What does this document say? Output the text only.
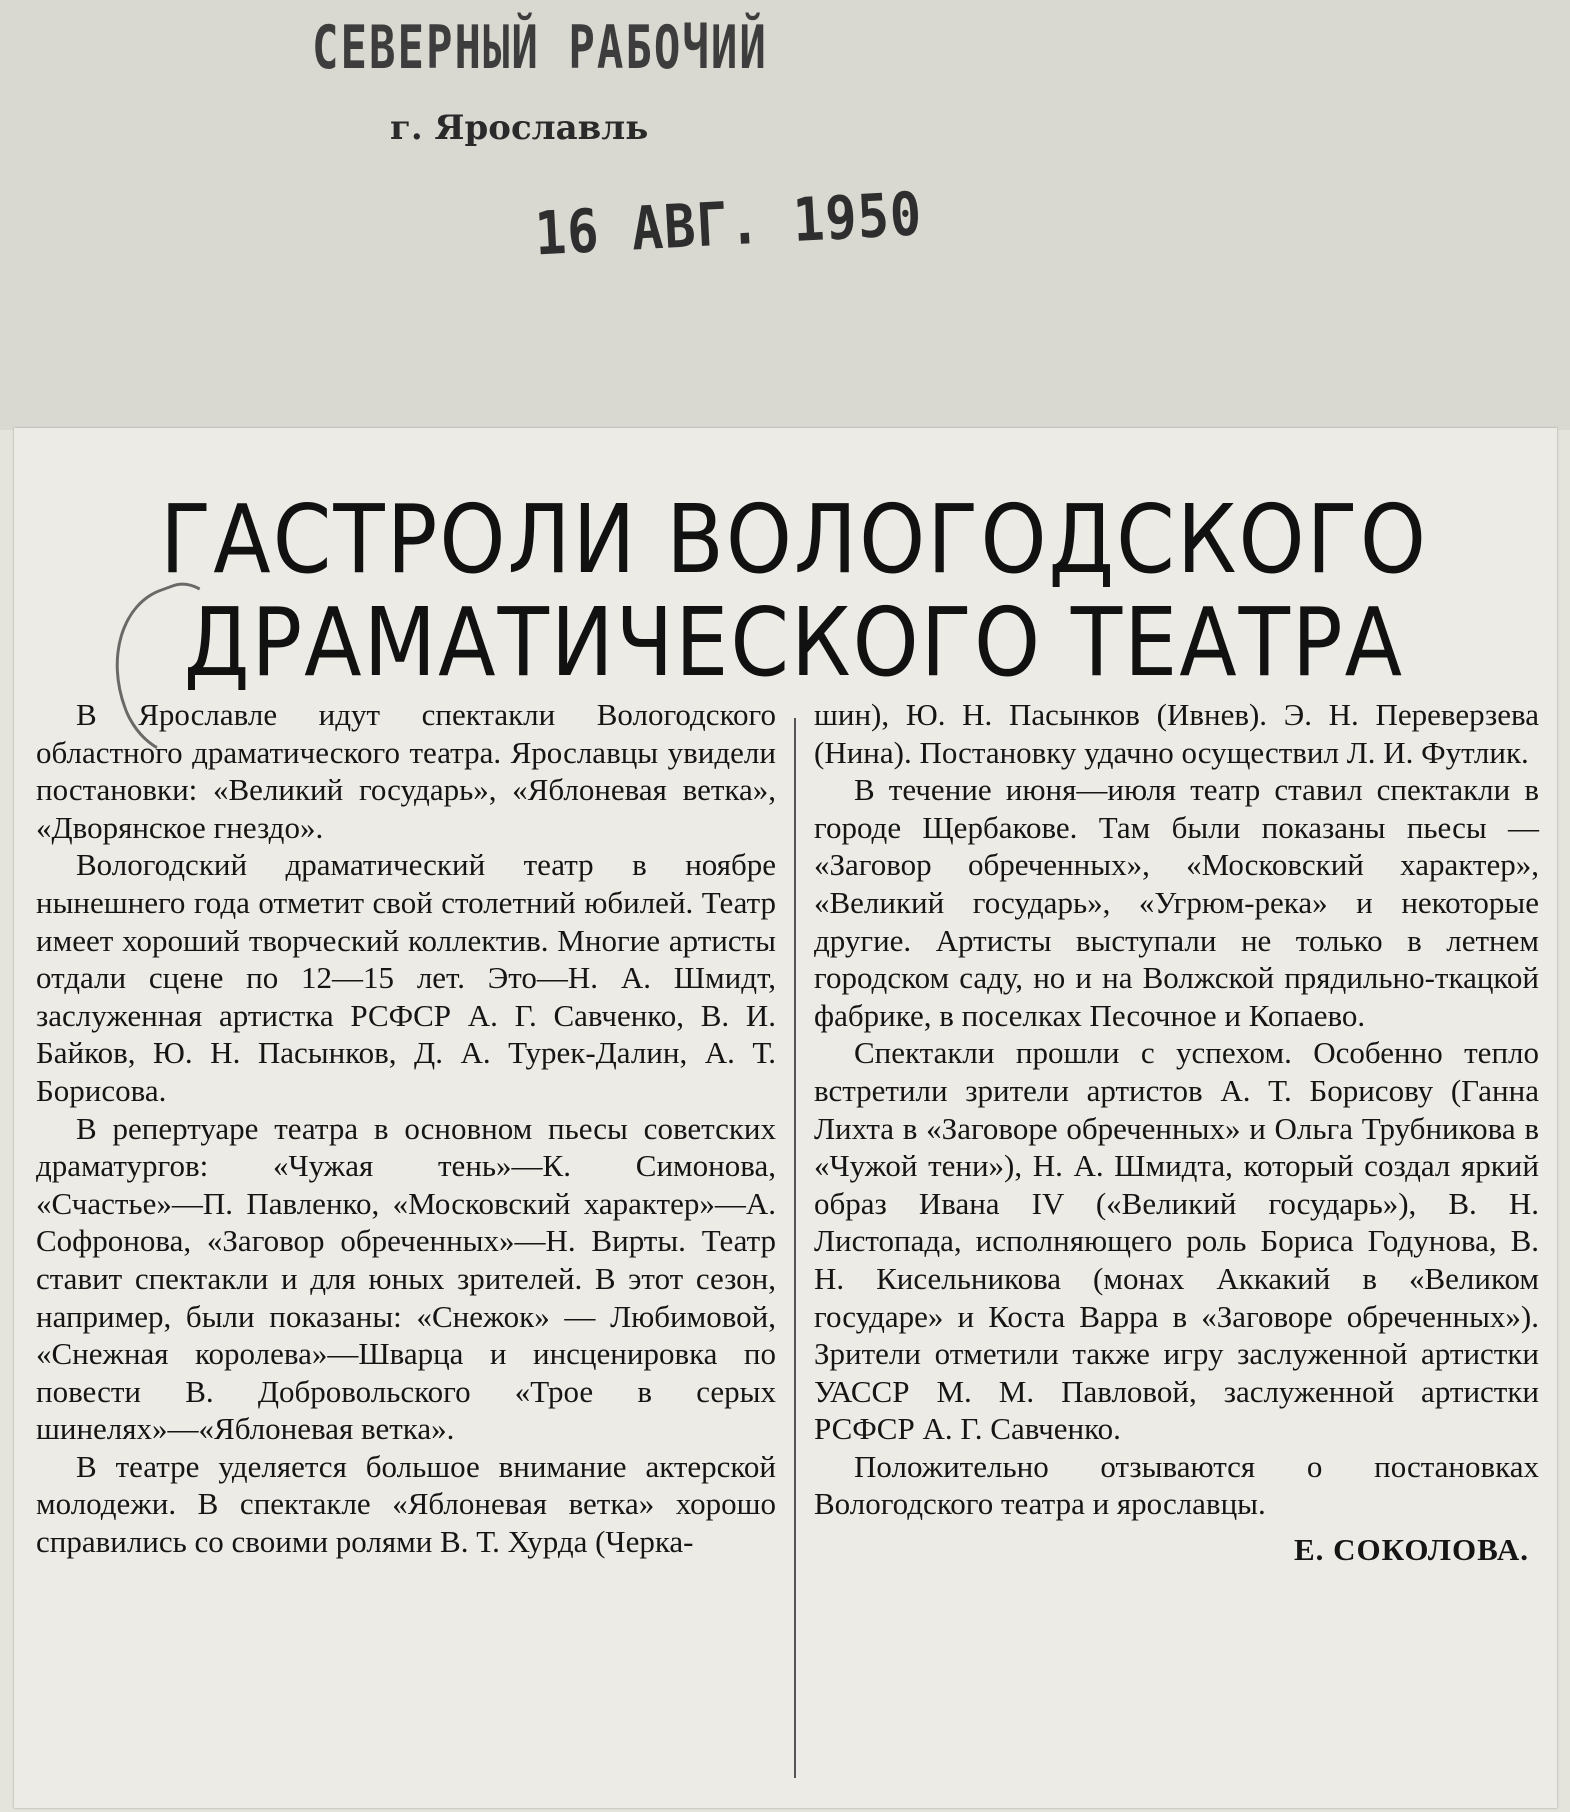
СЕВЕРНЫЙ РАБОЧИЙ
г. Ярославль
16 АВГ. 1950
ГАСТРОЛИ ВОЛОГОДСКОГО
ДРАМАТИЧЕСКОГО ТЕАТРА

В Ярославле идут спектакли Вологодского областного драматического театра. Ярославцы увидели постановки: «Великий государь», «Яблоневая ветка», «Дворянское гнездо».

Вологодский драматический театр в ноябре нынешнего года отметит свой столетний юбилей. Театр имеет хороший творческий коллектив. Многие артисты отдали сцене по 12—15 лет. Это—Н. А. Шмидт, заслуженная артистка РСФСР А. Г. Савченко, В. И. Байков, Ю. Н. Пасынков, Д. А. Турек-Далин, А. Т. Борисова.

В репертуаре театра в основном пьесы советских драматургов: «Чужая тень»—К. Симонова, «Счастье»—П. Павленко, «Московский характер»—А. Софронова, «Заговор обреченных»—Н. Вирты. Театр ставит спектакли и для юных зрителей. В этот сезон, например, были показаны: «Снежок» — Любимовой, «Снежная королева»—Шварца и инсценировка по повести В. Добровольского «Трое в серых шинелях»—«Яблоневая ветка».

В театре уделяется большое внимание актерской молодежи. В спектакле «Яблоневая ветка» хорошо справились со своими ролями В. Т. Хурда (Черка-

шин), Ю. Н. Пасынков (Ивнев). Э. Н. Переверзева (Нина). Постановку удачно осуществил Л. И. Футлик.

В течение июня—июля театр ставил спектакли в городе Щербакове. Там были показаны пьесы — «Заговор обреченных», «Московский характер», «Великий государь», «Угрюм-река» и некоторые другие. Артисты выступали не только в летнем городском саду, но и на Волжской прядильно-ткацкой фабрике, в поселках Песочное и Копаево.

Спектакли прошли с успехом. Особенно тепло встретили зрители артистов А. Т. Борисову (Ганна Лихта в «Заговоре обреченных» и Ольга Трубникова в «Чужой тени»), Н. А. Шмидта, который создал яркий образ Ивана IV («Великий государь»), В. Н. Листопада, исполняющего роль Бориса Годунова, В. Н. Кисельникова (монах Аккакий в «Великом государе» и Коста Варра в «Заговоре обреченных»). Зрители отметили также игру заслуженной артистки УАССР М. М. Павловой, заслуженной артистки РСФСР А. Г. Савченко.

Положительно отзываются о постановках Вологодского театра и ярославцы.

Е. СОКОЛОВА.
